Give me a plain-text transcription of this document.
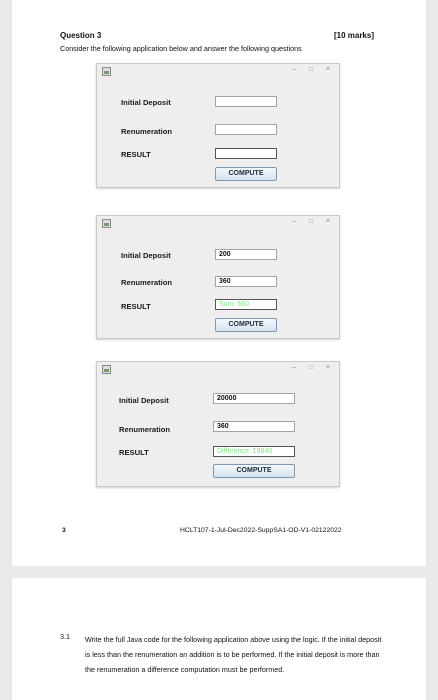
Question 3	[10 marks]
Consider the following application below and answer the following questions
– □ ×
Initial Deposit
Renumeration
RESULT
COMPUTE
– □ ×
Initial Deposit	200
Renumeration	360
RESULT	Sum: 560
COMPUTE
– □ ×
Initial Deposit	20000
Renumeration	360
RESULT	Difference: 19640
COMPUTE
3	HCLT107-1-Jul-Dec2022-SuppSA1-OD-V1-02122022
3.1 Write the full Java code for the following application above using the logic. If the initial deposit is less than the renumeration an addition is to be performed. If the initial deposit is more than the renumeration a difference computation must be performed.
